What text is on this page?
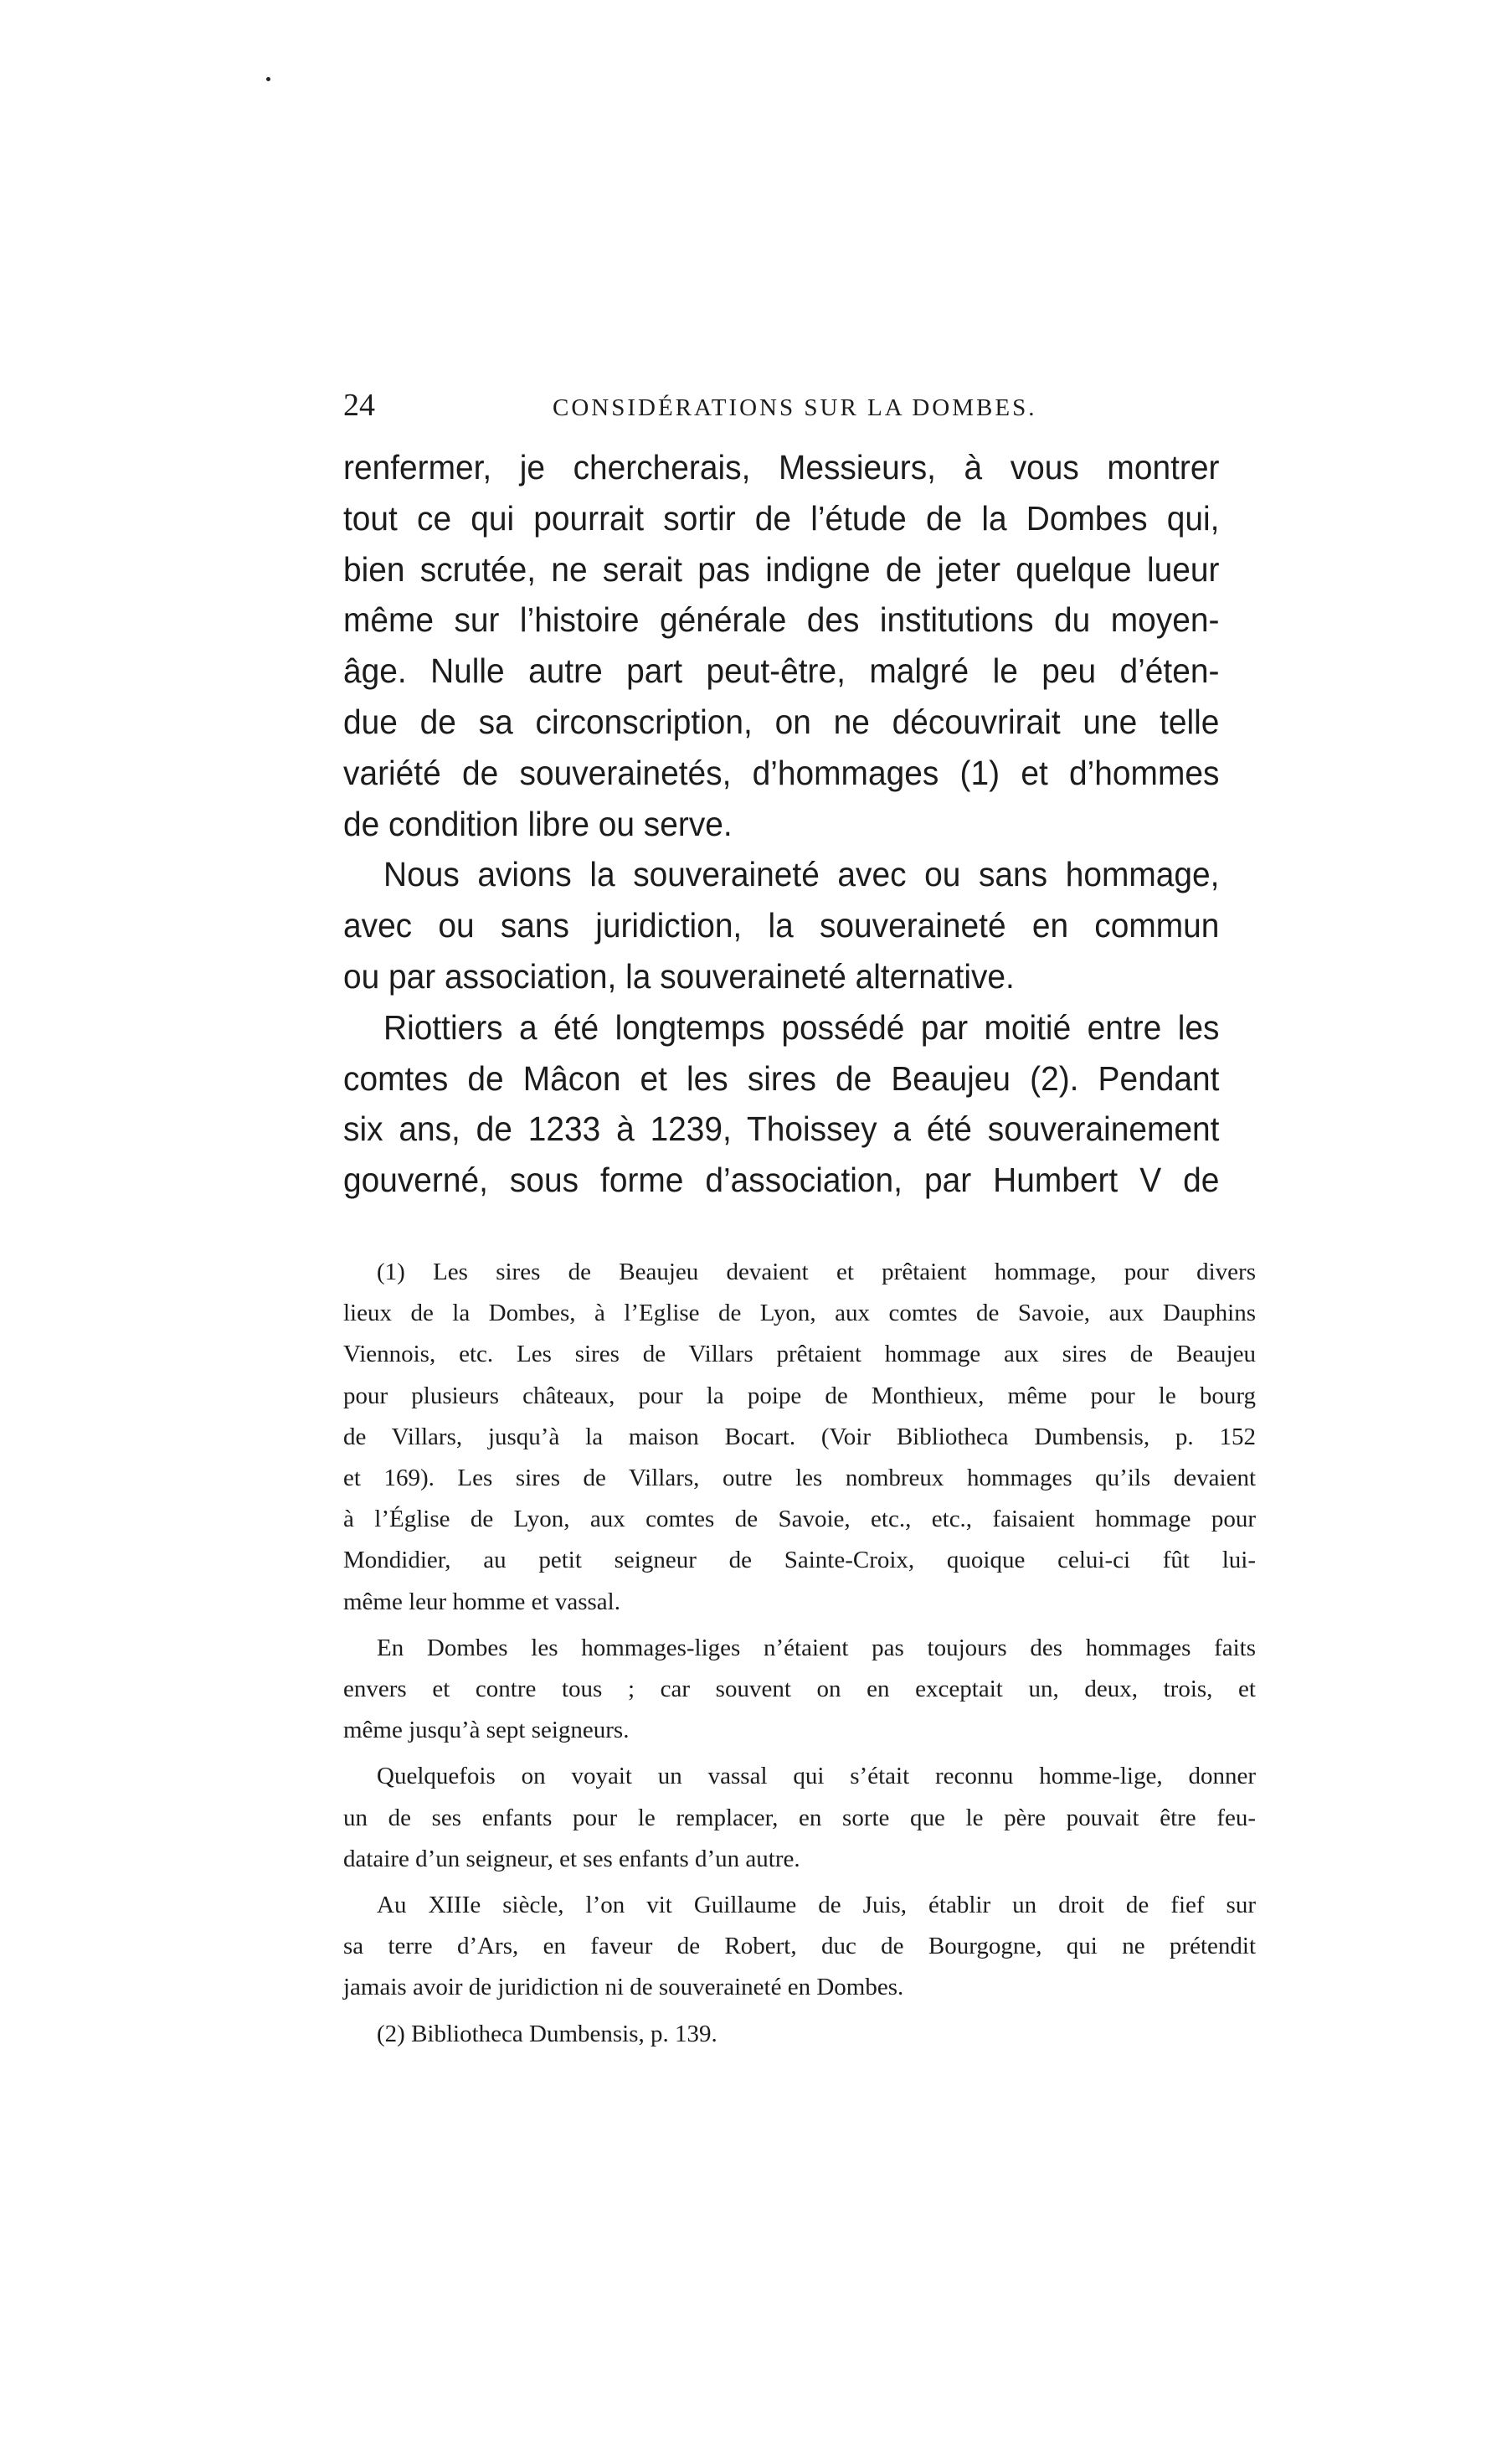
24	CONSIDÉRATIONS SUR LA DOMBES.
renfermer, je chercherais, Messieurs, à vous montrer
tout ce qui pourrait sortir de l’étude de la Dombes qui,
bien scrutée, ne serait pas indigne de jeter quelque lueur
même sur l’histoire générale des institutions du moyen-
âge. Nulle autre part peut-être, malgré le peu d’éten-
due de sa circonscription, on ne découvrirait une telle
variété de souverainetés, d’hommages (1) et d’hommes
de condition libre ou serve.
Nous avions la souveraineté avec ou sans hommage,
avec ou sans juridiction, la souveraineté en commun
ou par association, la souveraineté alternative.
Riottiers a été longtemps possédé par moitié entre les
comtes de Mâcon et les sires de Beaujeu (2). Pendant
six ans, de 1233 à 1239, Thoissey a été souverainement
gouverné, sous forme d’association, par Humbert V de
(1) Les sires de Beaujeu devaient et prêtaient hommage, pour divers
lieux de la Dombes, à l’Eglise de Lyon, aux comtes de Savoie, aux Dauphins
Viennois, etc. Les sires de Villars prêtaient hommage aux sires de Beaujeu
pour plusieurs châteaux, pour la poipe de Monthieux, même pour le bourg
de Villars, jusqu’à la maison Bocart. (Voir Bibliotheca Dumbensis, p. 152
et 169). Les sires de Villars, outre les nombreux hommages qu’ils devaient
à l’Église de Lyon, aux comtes de Savoie, etc., etc., faisaient hommage pour
Mondidier, au petit seigneur de Sainte-Croix, quoique celui-ci fût lui-
même leur homme et vassal.
En Dombes les hommages-liges n’étaient pas toujours des hommages faits
envers et contre tous ; car souvent on en exceptait un, deux, trois, et
même jusqu’à sept seigneurs.
Quelquefois on voyait un vassal qui s’était reconnu homme-lige, donner
un de ses enfants pour le remplacer, en sorte que le père pouvait être feu-
dataire d’un seigneur, et ses enfants d’un autre.
Au XIIIe siècle, l’on vit Guillaume de Juis, établir un droit de fief sur
sa terre d’Ars, en faveur de Robert, duc de Bourgogne, qui ne prétendit
jamais avoir de juridiction ni de souveraineté en Dombes.
(2) Bibliotheca Dumbensis, p. 139.
